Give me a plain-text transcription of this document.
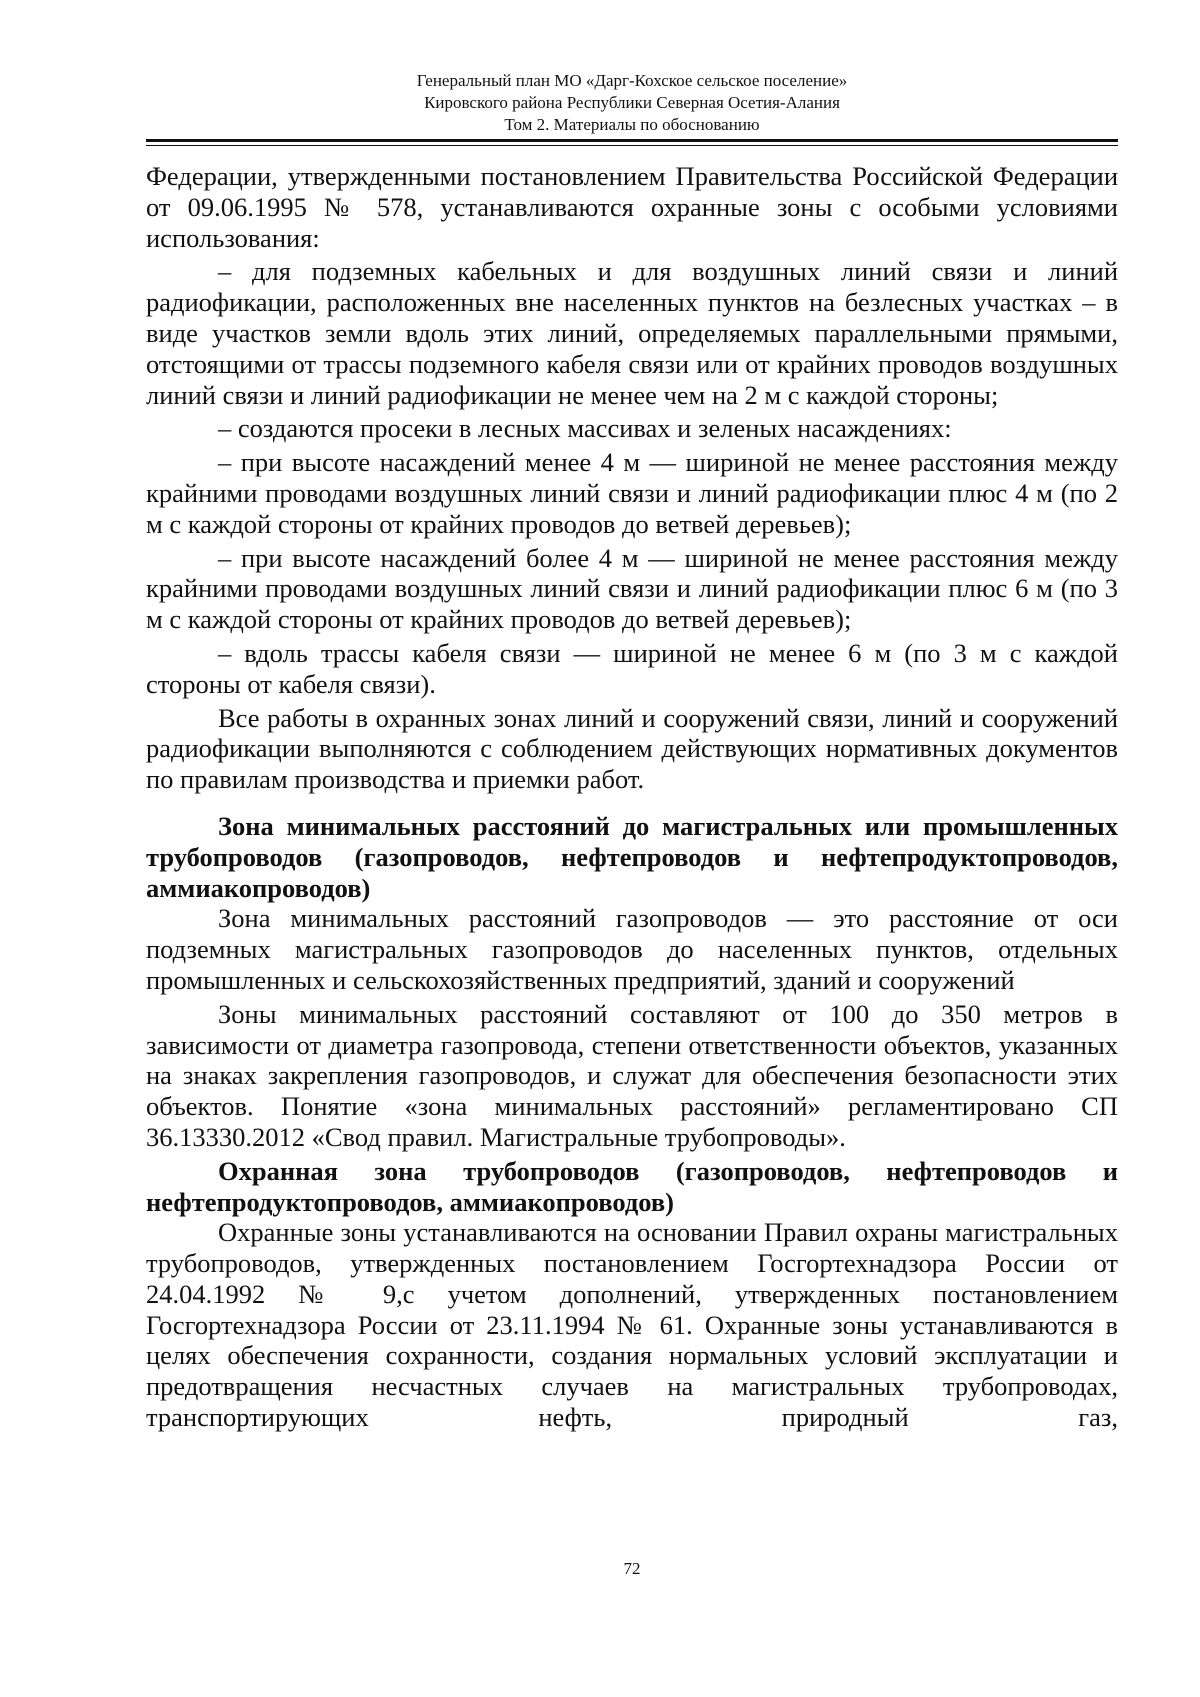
Генеральный план МО «Дарг-Кохское сельское поселение»
Кировского района Республики Северная Осетия-Алания
Том 2. Материалы по обоснованию

Федерации, утвержденными постановлением Правительства Российской Федерации от 09.06.1995 № 578, устанавливаются охранные зоны с особыми условиями использования:

– для подземных кабельных и для воздушных линий связи и линий радиофикации, расположенных вне населенных пунктов на безлесных участках – в виде участков земли вдоль этих линий, определяемых параллельными прямыми, отстоящими от трассы подземного кабеля связи или от крайних проводов воздушных линий связи и линий радиофикации не менее чем на 2 м с каждой стороны;

– создаются просеки в лесных массивах и зеленых насаждениях:

– при высоте насаждений менее 4 м — шириной не менее расстояния между крайними проводами воздушных линий связи и линий радиофикации плюс 4 м (по 2 м с каждой стороны от крайних проводов до ветвей деревьев);

– при высоте насаждений более 4 м — шириной не менее расстояния между крайними проводами воздушных линий связи и линий радиофикации плюс 6 м (по 3 м с каждой стороны от крайних проводов до ветвей деревьев);

– вдоль трассы кабеля связи — шириной не менее 6 м (по 3 м с каждой стороны от кабеля связи).

Все работы в охранных зонах линий и сооружений связи, линий и сооружений радиофикации выполняются с соблюдением действующих нормативных документов по правилам производства и приемки работ.

Зона минимальных расстояний до магистральных или промышленных трубопроводов (газопроводов, нефтепроводов и нефтепродуктопроводов, аммиакопроводов)

Зона минимальных расстояний газопроводов — это расстояние от оси подземных магистральных газопроводов до населенных пунктов, отдельных промышленных и сельскохозяйственных предприятий, зданий и сооружений

Зоны минимальных расстояний составляют от 100 до 350 метров в зависимости от диаметра газопровода, степени ответственности объектов, указанных на знаках закрепления газопроводов, и служат для обеспечения безопасности этих объектов. Понятие «зона минимальных расстояний» регламентировано СП 36.13330.2012 «Свод правил. Магистральные трубопроводы».

Охранная зона трубопроводов (газопроводов, нефтепроводов и нефтепродуктопроводов, аммиакопроводов)

Охранные зоны устанавливаются на основании Правил охраны магистральных трубопроводов, утвержденных постановлением Госгортехнадзора России от 24.04.1992 № 9,с учетом дополнений, утвержденных постановлением Госгортехнадзора России от 23.11.1994 № 61. Охранные зоны устанавливаются в целях обеспечения сохранности, создания нормальных условий эксплуатации и предотвращения несчастных случаев на магистральных трубопроводах, транспортирующих нефть, природный газ,

72
